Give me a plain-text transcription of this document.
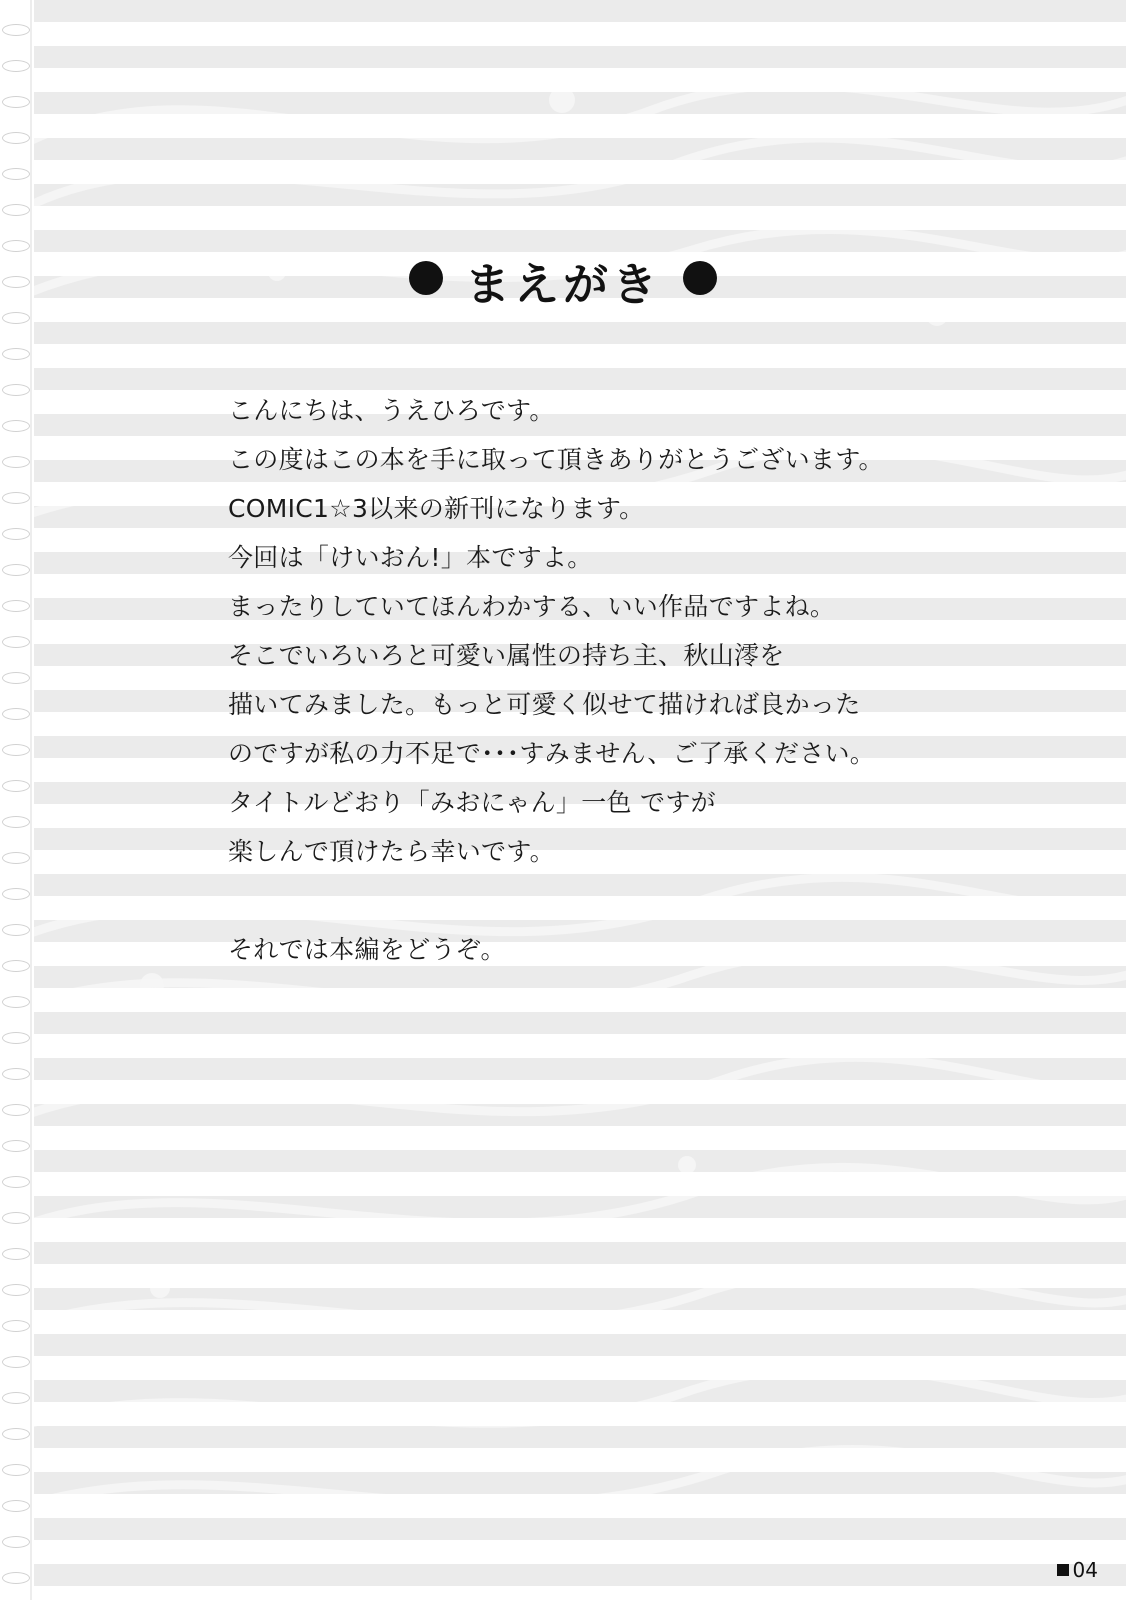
まえがき
こんにちは、うえひろです。
この度はこの本を手に取って頂きありがとうございます。
COMIC1☆3以来の新刊になります。
今回は「けいおん!」本ですよ。
まったりしていてほんわかする、いい作品ですよね。
そこでいろいろと可愛い属性の持ち主、秋山澪を
描いてみました。もっと可愛く似せて描ければ良かった
のですが私の力不足で･･･すみません、ご了承ください。
タイトルどおり「みおにゃん」一色 ですが
楽しんで頂けたら幸いです。
それでは本編をどうぞ。
04
